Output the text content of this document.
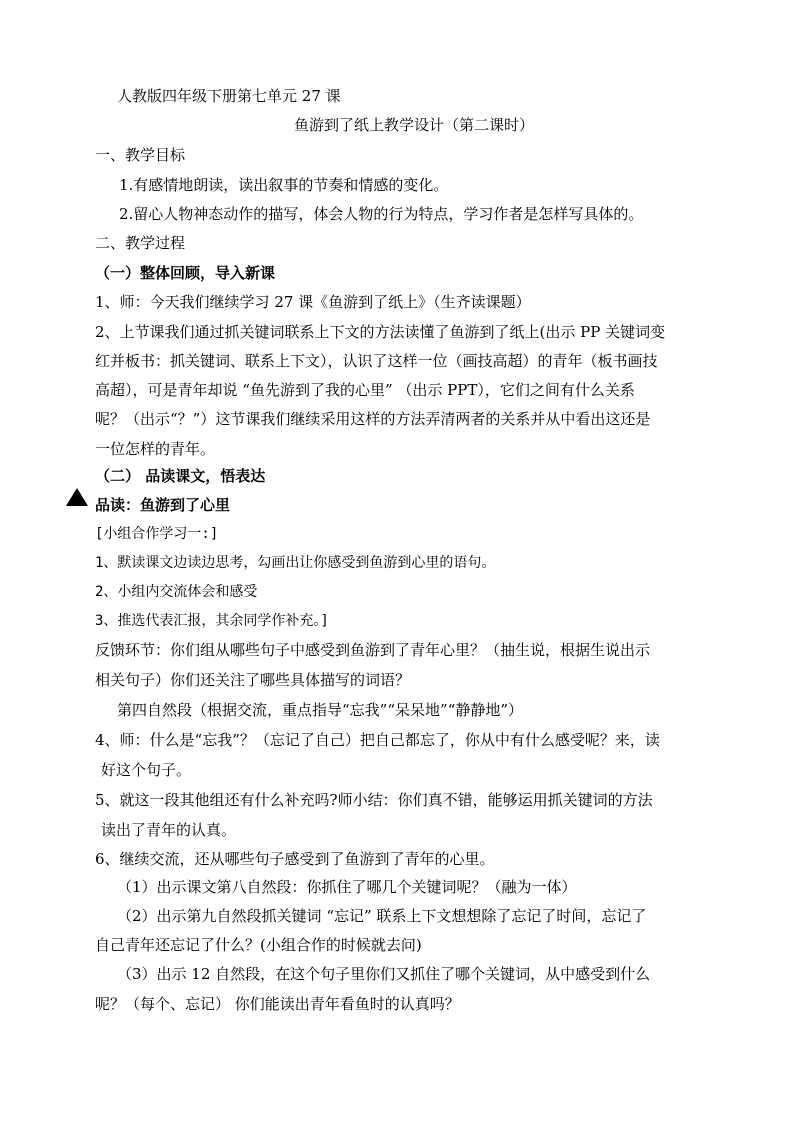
人教版四年级下册第七单元 27 课
鱼游到了纸上教学设计（第二课时）
一、教学目标
1.有感情地朗读，读出叙事的节奏和情感的变化。
2.留心人物神态动作的描写，体会人物的行为特点，学习作者是怎样写具体的。
二、教学过程
（一）整体回顾，导入新课
1、师：今天我们继续学习 27 课《鱼游到了纸上》（生齐读课题）
2、上节课我们通过抓关键词联系上下文的方法读懂了鱼游到了纸上(出示 PP 关键词变
红并板书：抓关键词、联系上下文），认识了这样一位（画技高超）的青年（板书画技
高超），可是青年却说 “鱼先游到了我的心里” （出示 PPT），它们之间有什么关系
呢？（出示“？”）这节课我们继续采用这样的方法弄清两者的关系并从中看出这还是
一位怎样的青年。
（二） 品读课文，悟表达
品读：鱼游到了心里
[小组合作学习一:]
1、默读课文边读边思考，勾画出让你感受到鱼游到心里的语句。
2、小组内交流体会和感受
3、推选代表汇报，其余同学作补充。]
反馈环节：你们组从哪些句子中感受到鱼游到了青年心里？（抽生说，根据生说出示
相关句子）你们还关注了哪些具体描写的词语？
第四自然段（根据交流，重点指导“忘我”“呆呆地”“静静地”）
4、师：什么是“忘我”？（忘记了自己）把自己都忘了，你从中有什么感受呢？来，读
好这个句子。
5、就这一段其他组还有什么补充吗?师小结：你们真不错，能够运用抓关键词的方法
读出了青年的认真。
6、继续交流，还从哪些句子感受到了鱼游到了青年的心里。
（1）出示课文第八自然段：你抓住了哪几个关键词呢？（融为一体）
（2）出示第九自然段抓关键词 “忘记” 联系上下文想想除了忘记了时间，忘记了
自己青年还忘记了什么？(小组合作的时候就去问)
（3）出示 12 自然段，在这个句子里你们又抓住了哪个关键词，从中感受到什么
呢？（每个、忘记） 你们能读出青年看鱼时的认真吗？
